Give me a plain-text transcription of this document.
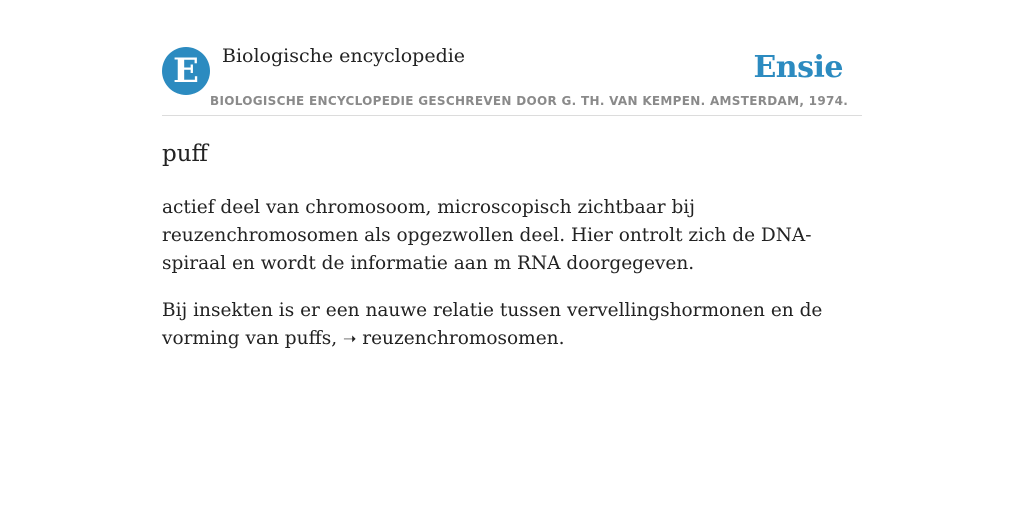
E	Biologische encyclopedie	Ensie
BIOLOGISCHE ENCYCLOPEDIE GESCHREVEN DOOR G. TH. VAN KEMPEN. AMSTERDAM, 1974.
puff

actief deel van chromosoom, microscopisch zichtbaar bij reuzenchromosomen als opgezwollen deel. Hier ontrolt zich de DNA-spiraal en wordt de informatie aan m RNA doorgegeven.

Bij insekten is er een nauwe relatie tussen vervellingshormonen en de vorming van puffs, ➝ reuzenchromosomen.
